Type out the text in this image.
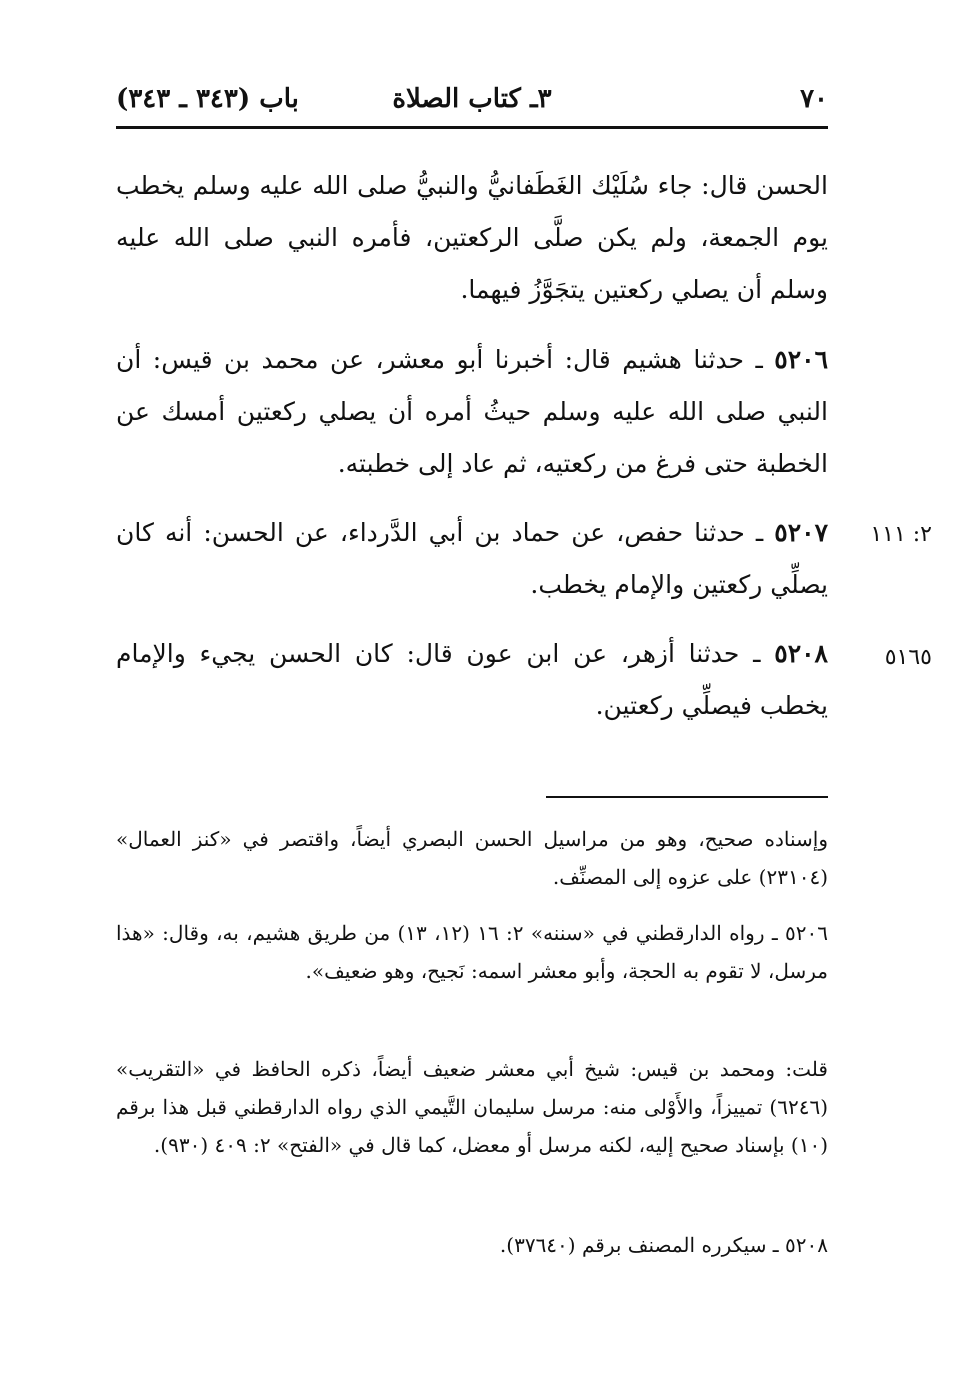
٧٠
٣ـ كتاب الصلاة
باب (٣٤٣ ـ ٣٤٣)
الحسن قال: جاء سُلَيْك الغَطَفانيُّ والنبيُّ صلى الله عليه وسلم يخطب يوم الجمعة، ولم يكن صلَّى الركعتين، فأمره النبي صلى الله عليه وسلم أن يصلي ركعتين يتجَوَّزُ فيهما.
٥٢٠٦ ـ حدثنا هشيم قال: أخبرنا أبو معشر، عن محمد بن قيس: أن النبي صلى الله عليه وسلم حيثُ أمره أن يصلي ركعتين أمسك عن الخطبة حتى فرغ من ركعتيه، ثم عاد إلى خطبته.
٥٢٠٧ ـ حدثنا حفص، عن حماد بن أبي الدَّرداء، عن الحسن: أنه كان يصلِّي ركعتين والإمام يخطب.
٢: ١١١
٥٢٠٨ ـ حدثنا أزهر، عن ابن عون قال: كان الحسن يجيء والإمام يخطب فيصلِّي ركعتين.
٥١٦٥
وإسناده صحيح، وهو من مراسيل الحسن البصري أيضاً، واقتصر في «كنز العمال» (٢٣١٠٤) على عزوه إلى المصنِّف.
٥٢٠٦ ـ رواه الدارقطني في «سننه» ٢: ١٦ (١٢، ١٣) من طريق هشيم، به، وقال: «هذا مرسل، لا تقوم به الحجة، وأبو معشر اسمه: نَجيح، وهو ضعيف».
قلت: ومحمد بن قيس: شيخ أبي معشر ضعيف أيضاً، ذكره الحافظ في «التقريب» (٦٢٤٦) تمييزاً، والأَوْلى منه: مرسل سليمان التَّيمي الذي رواه الدارقطني قبل هذا برقم (١٠) بإسناد صحيح إليه، لكنه مرسل أو معضل، كما قال في «الفتح» ٢: ٤٠٩ (٩٣٠).
٥٢٠٨ ـ سيكرره المصنف برقم (٣٧٦٤٠).
